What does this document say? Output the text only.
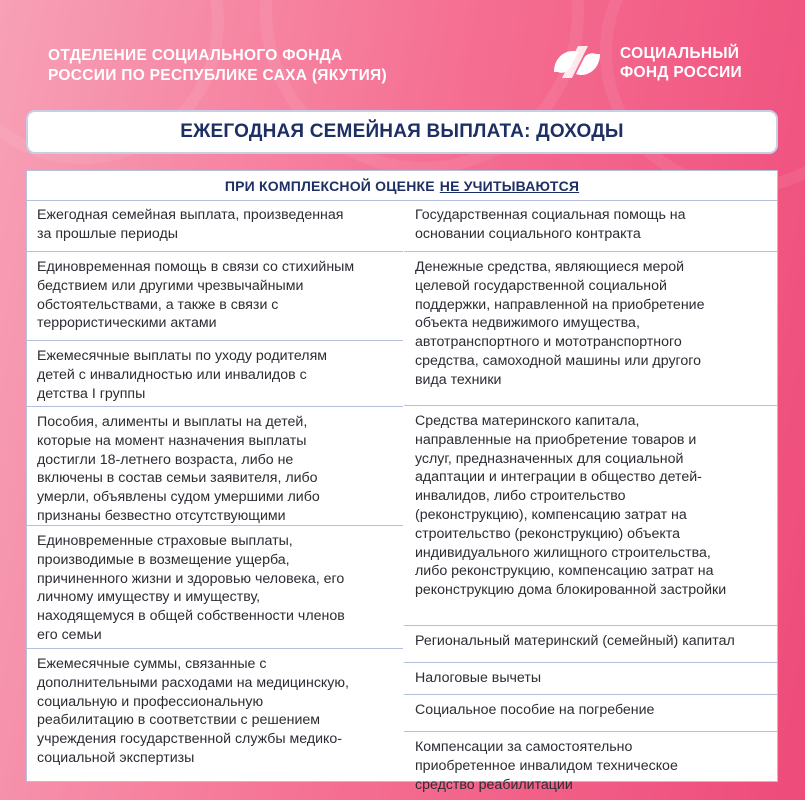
ОТДЕЛЕНИЕ СОЦИАЛЬНОГО ФОНДА
РОССИИ ПО РЕСПУБЛИКЕ САХА (ЯКУТИЯ)
СОЦИАЛЬНЫЙ
ФОНД РОССИИ
ЕЖЕГОДНАЯ СЕМЕЙНАЯ ВЫПЛАТА: ДОХОДЫ
ПРИ КОМПЛЕКСНОЙ ОЦЕНКЕ НЕ УЧИТЫВАЮТСЯ
Ежегодная семейная выплата, произведенная
за прошлые периоды
Единовременная помощь в связи со стихийным
бедствием или другими чрезвычайными
обстоятельствами, а также в связи с
террористическими актами
Ежемесячные выплаты по уходу родителям
детей с инвалидностью или инвалидов с
детства I группы
Пособия, алименты и выплаты на детей,
которые на момент назначения выплаты
достигли 18-летнего возраста, либо не
включены в состав семьи заявителя, либо
умерли, объявлены судом умершими либо
признаны безвестно отсутствующими
Единовременные страховые выплаты,
производимые в возмещение ущерба,
причиненного жизни и здоровью человека, его
личному имуществу и имуществу,
находящемуся в общей собственности членов
его семьи
Ежемесячные суммы, связанные с
дополнительными расходами на медицинскую,
социальную и профессиональную
реабилитацию в соответствии с решением
учреждения государственной службы медико-
социальной экспертизы
Государственная социальная помощь на
основании социального контракта
Денежные средства, являющиеся мерой
целевой государственной социальной
поддержки, направленной на приобретение
объекта недвижимого имущества,
автотранспортного и мототранспортного
средства, самоходной машины или другого
вида техники
Средства материнского капитала,
направленные на приобретение товаров и
услуг, предназначенных для социальной
адаптации и интеграции в общество детей-
инвалидов, либо строительство
(реконструкцию), компенсацию затрат на
строительство (реконструкцию) объекта
индивидуального жилищного строительства,
либо реконструкцию, компенсацию затрат на
реконструкцию дома блокированной застройки
Региональный материнский (семейный) капитал
Налоговые вычеты
Социальное пособие на погребение
Компенсации за самостоятельно
приобретенное инвалидом техническое
средство реабилитации
